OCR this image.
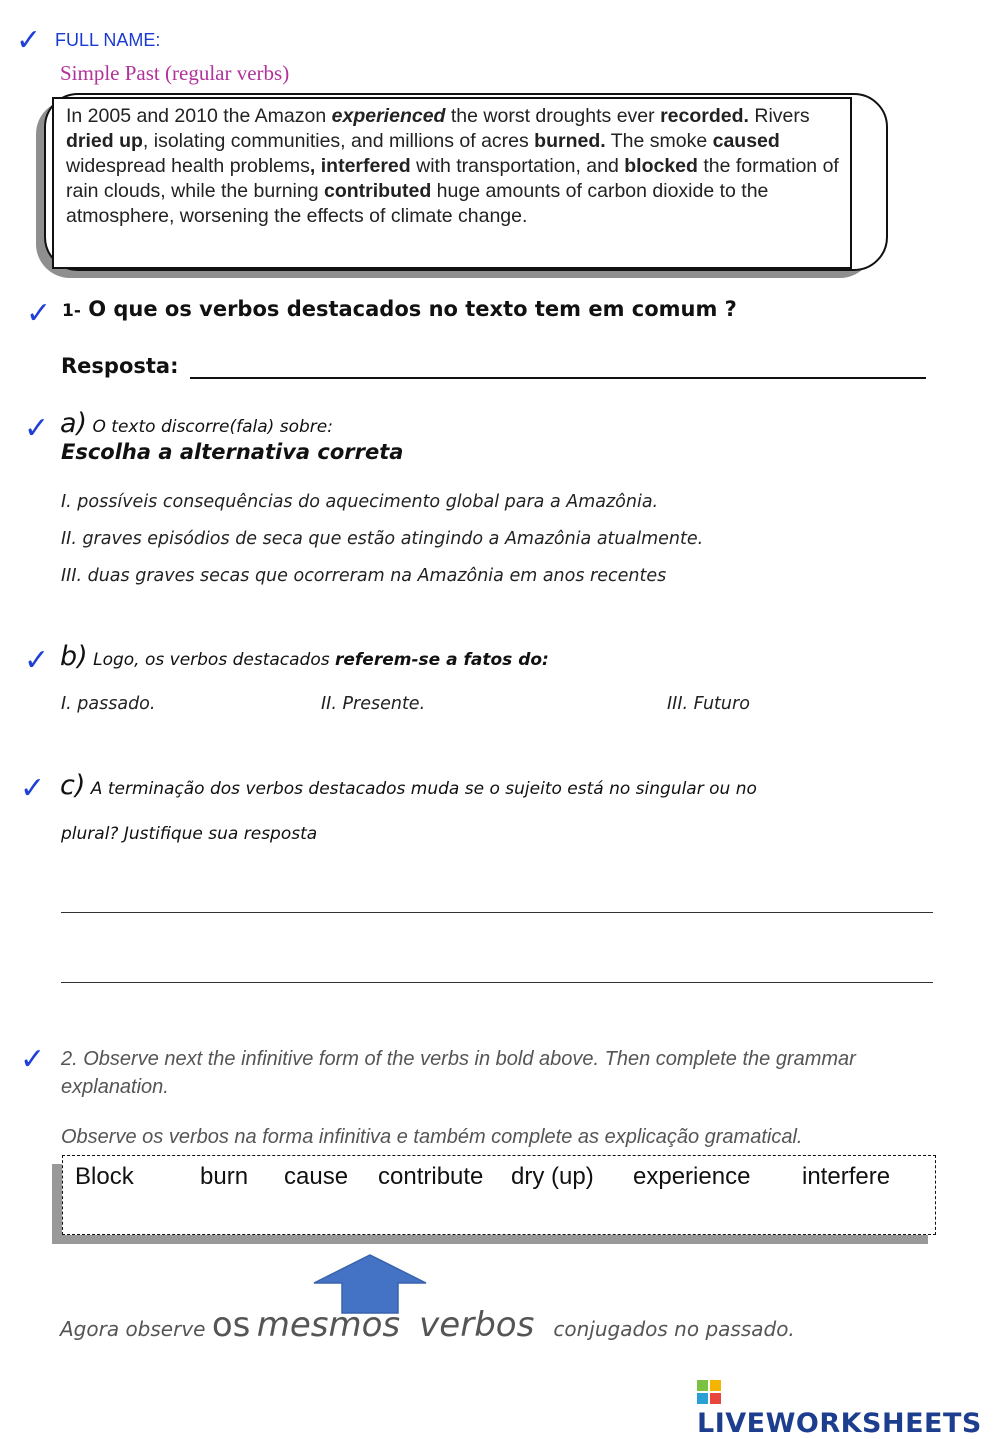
✓ FULL NAME:
Simple Past (regular verbs)
In 2005 and 2010 the Amazon experienced the worst droughts ever recorded. Rivers dried up, isolating communities, and millions of acres burned. The smoke caused widespread health problems, interfered with transportation, and blocked the formation of rain clouds, while the burning contributed huge amounts of carbon dioxide to the atmosphere, worsening the effects of climate change.
✓ 1- O que os verbos destacados no texto tem em comum ?
Resposta:
✓ a) O texto discorre(fala) sobre:
Escolha a alternativa correta
I. possíveis consequências do aquecimento global para a Amazônia.
II. graves episódios de seca que estão atingindo a Amazônia atualmente.
III. duas graves secas que ocorreram na Amazônia em anos recentes
✓ b) Logo, os verbos destacados referem-se a fatos do:
I. passado.	II. Presente.	III. Futuro
✓ c) A terminação dos verbos destacados muda se o sujeito está no singular ou no
plural? Justifique sua resposta
✓ 2. Observe next the infinitive form of the verbs in bold above. Then complete the grammar explanation.
Observe os verbos na forma infinitiva e também complete as explicação gramatical.
Block	burn cause contribute dry (up) experience interfere
Agora observe os mesmos verbos conjugados no passado.
LIVEWORKSHEETS
